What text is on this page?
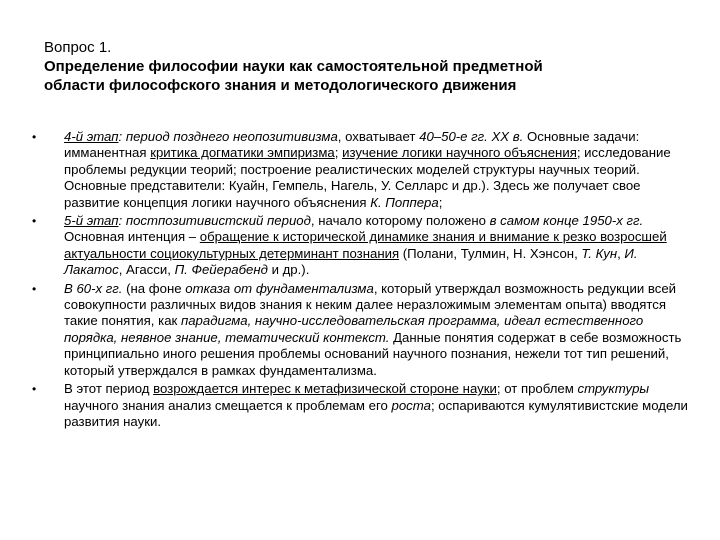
Вопрос 1.
Определение философии науки как самостоятельной предметной
области философского знания и методологического движения
• 4-й этап: период позднего неопозитивизма, охватывает 40–50-е гг. XX в. Основные задачи: имманентная критика догматики эмпиризма; изучение логики научного объяснения; исследование проблемы редукции теорий; построение реалистических моделей структуры научных теорий. Основные представители: Куайн, Гемпель, Нагель, У. Селларс и др.). Здесь же получает свое развитие концепция логики научного объяснения К. Поппера;
• 5-й этап: постпозитивистский период, начало которому положено в самом конце 1950-х гг. Основная интенция – обращение к исторической динамике знания и внимание к резко возросшей актуальности социокультурных детерминант познания (Полани, Тулмин, Н. Хэнсон, Т. Кун, И. Лакатос, Агасси, П. Фейерабенд и др.).
• В 60-х гг. (на фоне отказа от фундаментализма, который утверждал возможность редукции всей совокупности различных видов знания к неким далее неразложимым элементам опыта) вводятся такие понятия, как парадигма, научно-исследовательская программа, идеал естественного порядка, неявное знание, тематический контекст. Данные понятия содержат в себе возможность принципиально иного решения проблемы оснований научного познания, нежели тот тип решений, который утверждался в рамках фундаментализма.
• В этот период возрождается интерес к метафизической стороне науки; от проблем структуры научного знания анализ смещается к проблемам его роста; оспариваются кумулятивистские модели развития науки.
